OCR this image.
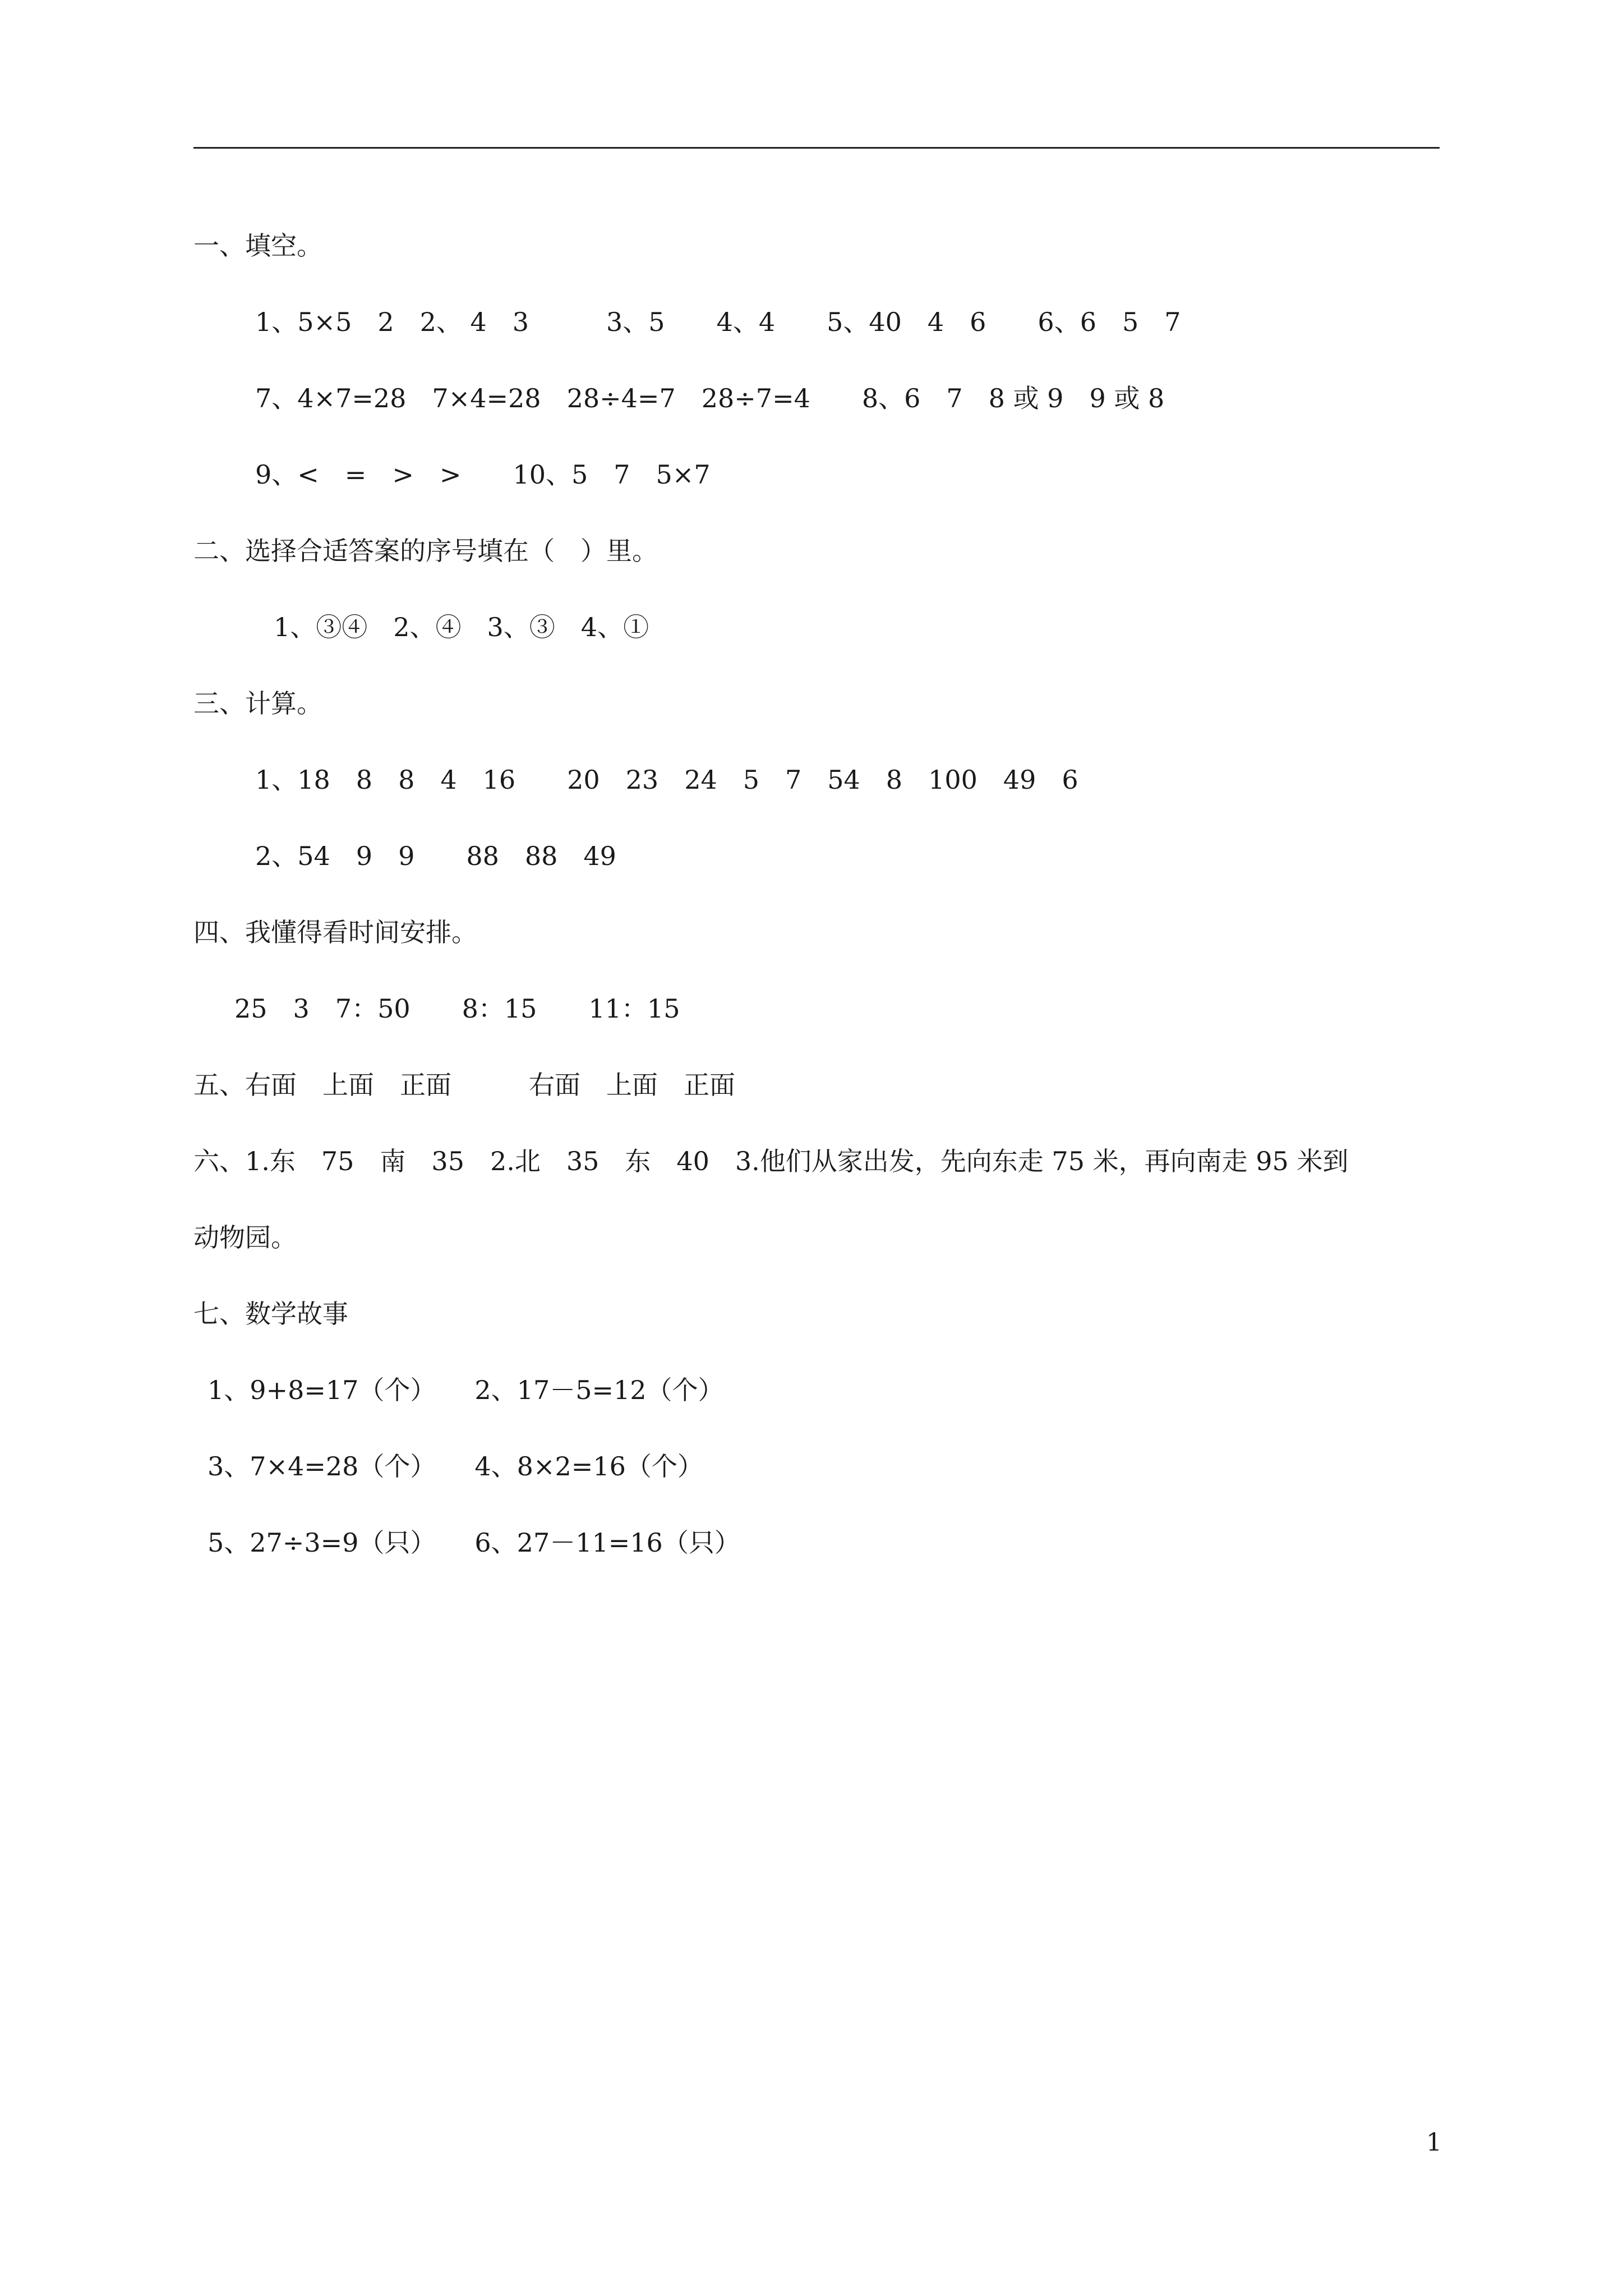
一、填空。
1、5×5　2　2、 4　3　　　3、5　　4、4　　5、40　4　6　　6、6　5　7
7、4×7=28　7×4=28　28÷4=7　28÷7=4　　8、6　7　8 或 9　9 或 8
9、<　=　>　>　　10、5　7　5×7
二、选择合适答案的序号填在（　）里。
1、③④　2、④　3、③　4、①
三、计算。
1、18　8　8　4　16　　20　23　24　5　7　54　8　100　49　6
2、54　9　9　　88　88　49
四、我懂得看时间安排。
25　3　7：50　　8：15　　11：15
五、右面　上面　正面　　　右面　上面　正面
六、1.东　75　南　35　2.北　35　东　40　3.他们从家出发，先向东走 75 米，再向南走 95 米到
动物园。
七、数学故事
1、9+8=17（个）　　2、17－5=12（个）
3、7×4=28（个）　　4、8×2=16（个）
5、27÷3=9（只）　　6、27－11=16（只）
1
